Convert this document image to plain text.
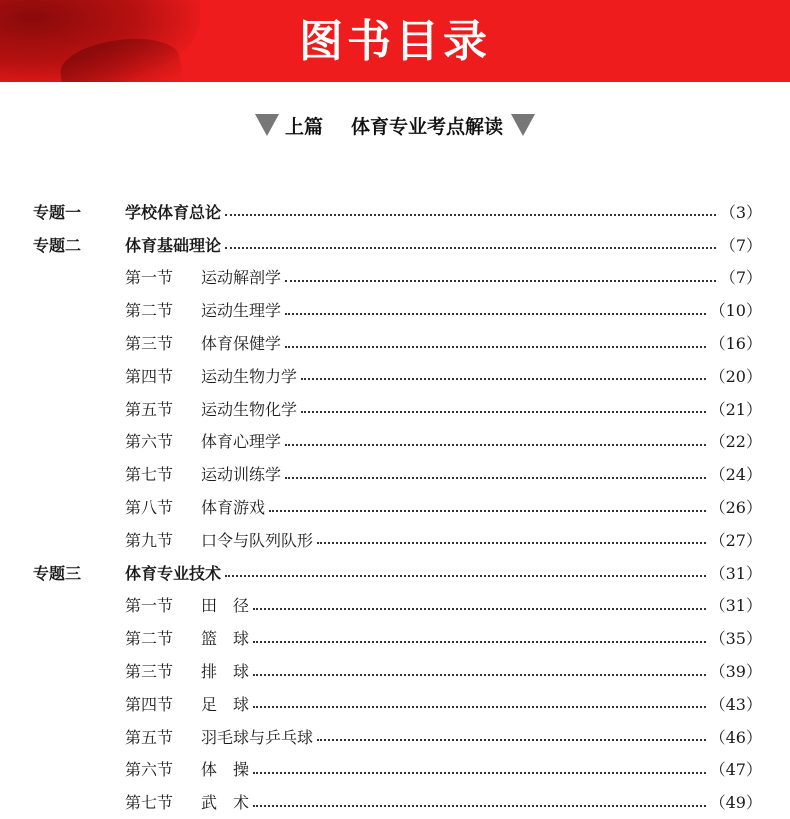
图书目录
上篇 体育专业考点解读
专题一	学校体育总论	（3）
专题二	体育基础理论	（7）
第一节	运动解剖学	（7）
第二节	运动生理学	（10）
第三节	体育保健学	（16）
第四节	运动生物力学	（20）
第五节	运动生物化学	（21）
第六节	体育心理学	（22）
第七节	运动训练学	（24）
第八节	体育游戏	（26）
第九节	口令与队列队形	（27）
专题三	体育专业技术	（31）
第一节	田　径	（31）
第二节	篮　球	（35）
第三节	排　球	（39）
第四节	足　球	（43）
第五节	羽毛球与乒乓球	（46）
第六节	体　操	（47）
第七节	武　术	（49）
